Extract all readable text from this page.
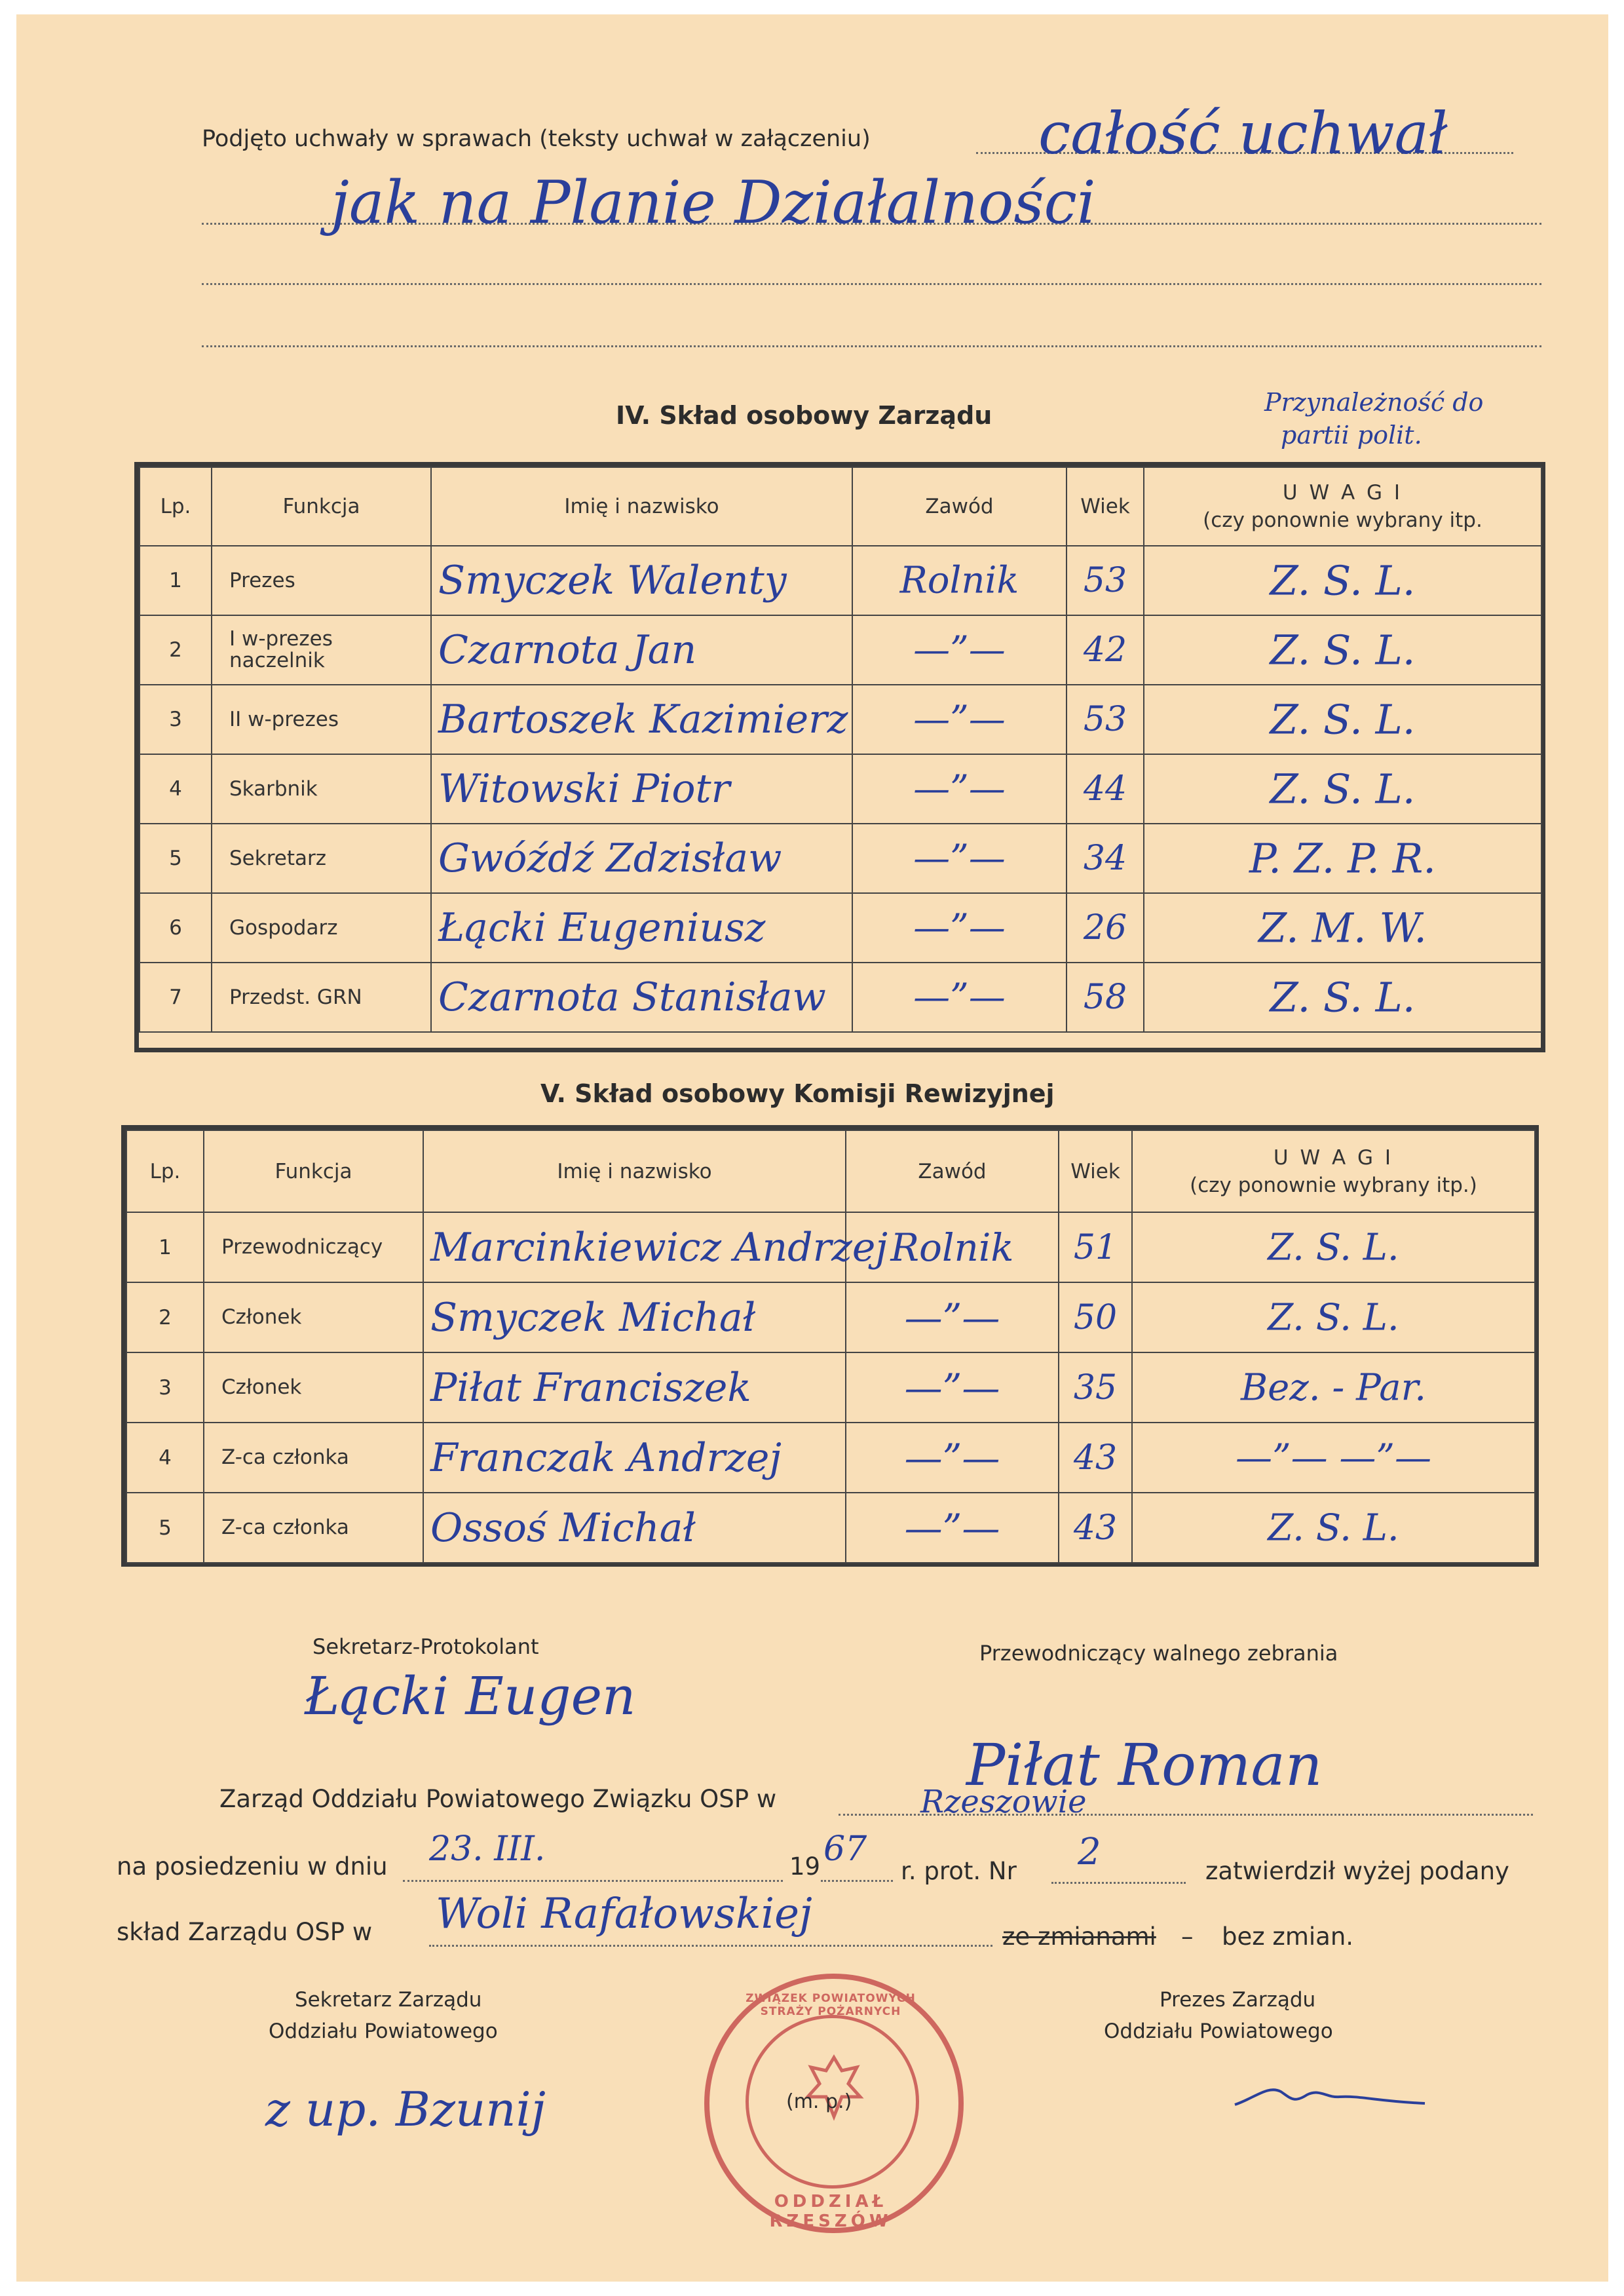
Podjęto uchwały w sprawach (teksty uchwał w załączeniu)	całość uchwał
jak na Planie Działalności
IV. Skład osobowy Zarządu	Przynależność do
partii polit.
Lp.	Funkcja	Imię i nazwisko	Zawód	Wiek	U W A G I
(czy ponownie wybrany itp.

1	Prezes	Smyczek Walenty	Rolnik	53	Z. S. L.

2	I w-prezes naczelnik	Czarnota Jan	—”—	42	Z. S. L.

3	II w-prezes	Bartoszek Kazimierz	—”—	53	Z. S. L.

4	Skarbnik	Witowski Piotr	—”—	44	Z. S. L.

5	Sekretarz	Gwóźdź Zdzisław	—”—	34	P. Z. P. R.

6	Gospodarz	Łącki Eugeniusz	—”—	26	Z. M. W.

7	Przedst. GRN	Czarnota Stanisław	—”—	58	Z. S. L.
V. Skład osobowy Komisji Rewizyjnej
Lp.	Funkcja	Imię i nazwisko	Zawód	Wiek	U W A G I
(czy ponownie wybrany itp.)

1	Przewodniczący	Marcinkiewicz Andrzej	Rolnik	51	Z. S. L.

2	Członek	Smyczek Michał	—”—	50	Z. S. L.

3	Członek	Piłat Franciszek	—”—	35	Bez. - Par.

4	Z-ca członka	Franczak Andrzej	—”—	43	—”— —”—

5	Z-ca członka	Ossoś Michał	—”—	43	Z. S. L.
Sekretarz-Protokolant
Łącki Eugen
Przewodniczący walnego zebrania
Piłat Roman
Zarząd Oddziału Powiatowego Związku OSP w	Rzeszowie
na posiedzeniu w dniu 23. III.	19 67
r. prot. Nr 2	zatwierdził wyżej podany
skład Zarządu OSP w Woli Rafałowskiej	ze zmianami – bez zmian.
Sekretarz Zarządu
Oddziału Powiatowego
z up. Bzunij
Prezes Zarządu
Oddziału Powiatowego
ZWIĄZEK POWIATOWYCH STRAŻY POŻARNYCH
ODDZIAŁ RZESZÓW
(m. p.)
